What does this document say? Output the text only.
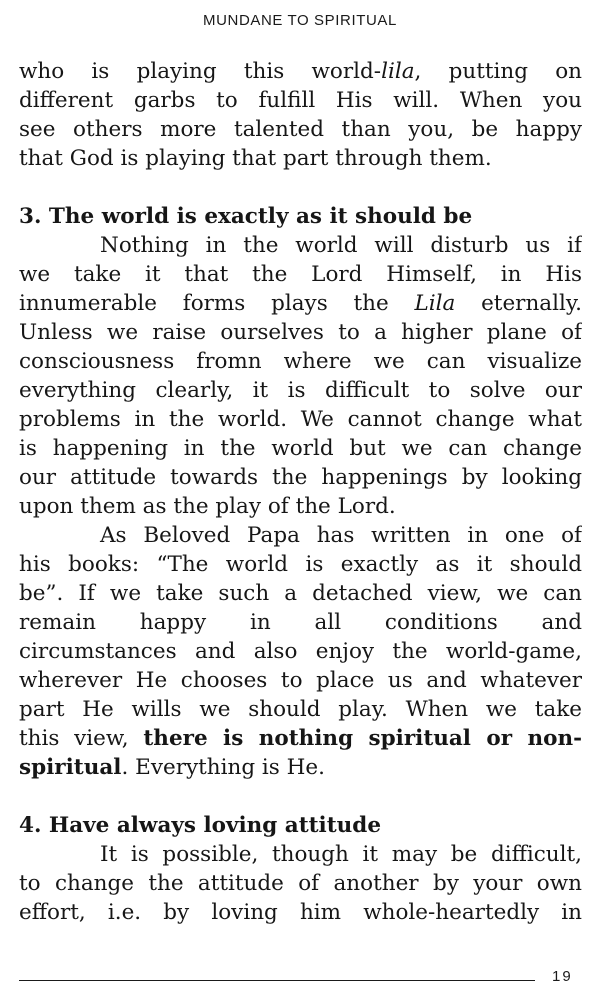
MUNDANE TO SPIRITUAL
who is playing this world-lila, putting on
different garbs to fulfill His will. When you
see others more talented than you, be happy
that God is playing that part through them.
3. The world is exactly as it should be
Nothing in the world will disturb us if
we take it that the Lord Himself, in His
innumerable forms plays the Lila eternally.
Unless we raise ourselves to a higher plane of
consciousness fromn where we can visualize
everything clearly, it is difficult to solve our
problems in the world. We cannot change what
is happening in the world but we can change
our attitude towards the happenings by looking
upon them as the play of the Lord.
As Beloved Papa has written in one of
his books: “The world is exactly as it should
be”. If we take such a detached view, we can
remain happy in all conditions and
circumstances and also enjoy the world-game,
wherever He chooses to place us and whatever
part He wills we should play. When we take
this view, there is nothing spiritual or non-
spiritual. Everything is He.
4. Have always loving attitude
It is possible, though it may be difficult,
to change the attitude of another by your own
effort, i.e. by loving him whole-heartedly in
19
